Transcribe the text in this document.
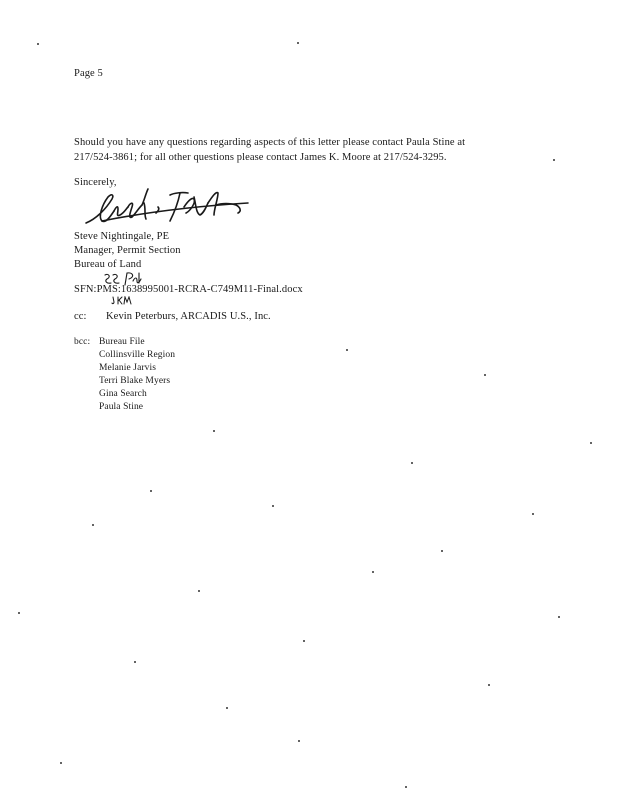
Page 5
Should you have any questions regarding aspects of this letter please contact Paula Stine at
217/524-3861; for all other questions please contact James K. Moore at 217/524-3295.
Sincerely,
Steve Nightingale, PE
Manager, Permit Section
Bureau of Land
SFN:PMS:1638995001-RCRA-C749M11-Final.docx
cc: Kevin Peterburs, ARCADIS U.S., Inc.
bcc: Bureau File
Collinsville Region
Melanie Jarvis
Terri Blake Myers
Gina Search
Paula Stine
